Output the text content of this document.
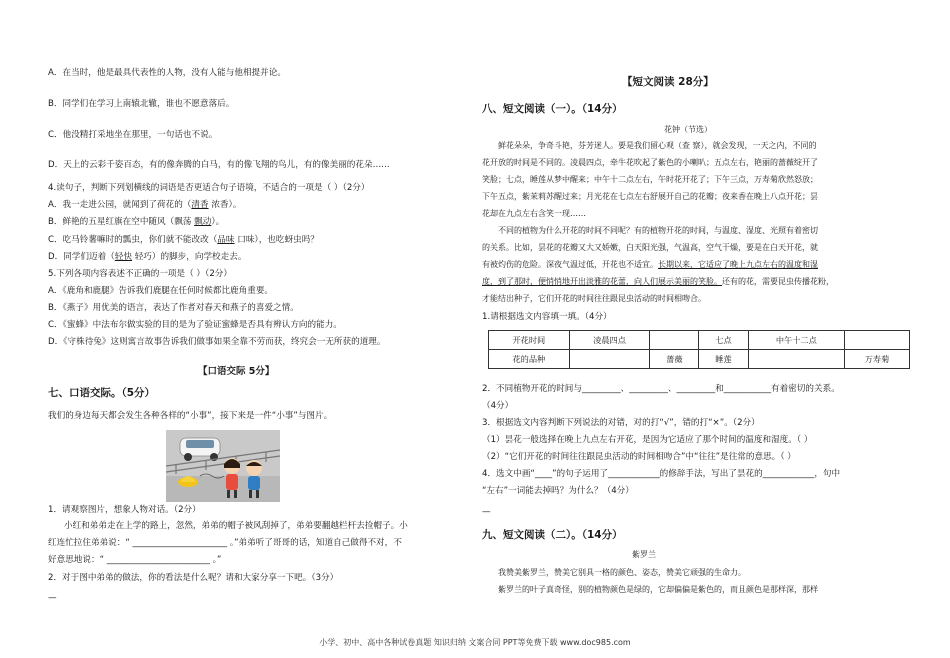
A．在当时，他是最具代表性的人物，没有人能与他相提并论。
B．同学们在学习上南辕北辙，谁也不愿意落后。
C．他没精打采地坐在那里，一句话也不说。
D．天上的云彩千姿百态，有的像奔腾的白马，有的像飞翔的鸟儿，有的像美丽的花朵……
4.读句子，判断下列划横线的词语是否更适合句子语境，不适合的一项是（ ）（2分）
A．我一走进公园，就闻到了荷花的（清香 浓香）。
B．鲜艳的五星红旗在空中随风（飘荡 飘动）。
C．吃马铃薯嘛时的瓢虫，你们就不能改改（品味 口味），也吃蚜虫吗？
D．同学们迈着（轻快 轻巧）的脚步，向学校走去。
5.下列各项内容表述不正确的一项是（ ）（2分）
A．《鹿角和鹿腿》告诉我们鹿腿在任何时候都比鹿角重要。
B．《燕子》用优美的语言，表达了作者对春天和燕子的喜爱之情。
C．《蜜蜂》中法布尔做实验的目的是为了验证蜜蜂是否具有辨认方向的能力。
D．《守株待兔》这则寓言故事告诉我们做事如果全靠不劳而获，终究会一无所获的道理。
【口语交际 5分】
七、口语交际。（5分）
我们的身边每天都会发生各种各样的“小事”，接下来是一件“小事”与图片。
1．请观察图片，想象人物对话。（2分）
小红和弟弟走在上学的路上，忽然，弟弟的帽子被风刮掉了，弟弟要翻越栏杆去捡帽子。小
红连忙拉住弟弟说：“ ______________________ 。”弟弟听了哥哥的话，知道自己做得不对，不
好意思地说：“ ________________________ 。”
2．对于图中弟弟的做法，你的看法是什么呢？请和大家分享一下吧。（3分）
—
【短文阅读 28分】
八、短文阅读（一）。（14分）
花钟（节选）
鲜花朵朵，争奇斗艳，芬芳迷人。要是我们留心观（查 察），就会发现，一天之内，不同的
花开放的时间是不同的。凌晨四点，牵牛花吹起了紫色的小喇叭；五点左右，艳丽的蔷薇绽开了
笑脸；七点，睡莲从梦中醒来；中午十二点左右，午时花开花了；下午三点，万寿菊欣然怒放；
下午五点，紫茉莉苏醒过来；月光花在七点左右舒展开自己的花瓣；夜来香在晚上八点开花；昙
花却在九点左右含笑一现……
不同的植物为什么开花的时间不同呢？有的植物开花的时间，与温度、湿度、光照有着密切
的关系。比如，昙花的花瓣又大又娇嫩，白天阳光强，气温高，空气干燥，要是在白天开花，就
有被灼伤的危险。深夜气温过低，开花也不适宜。长期以来，它适应了晚上九点左右的温度和湿
度，到了那时，便悄悄地开出淡雅的花蕾，向人们展示美丽的笑脸。还有的花，需要昆虫传播花粉，
才能结出种子，它们开花的时间往往跟昆虫活动的时间相吻合。
1.请根据选文内容填一填。（4分）
开花时间	凌晨四点		七点	中午十二点	
花的品种		蔷薇	睡莲		万寿菊
2．不同植物开花的时间与_________、_________、_________和___________有着密切的关系。
（4分）
3．根据选文内容判断下列说法的对错，对的打“√”，错的打“×”。（2分）
（1）昙花一般选择在晚上九点左右开花，是因为它适应了那个时间的温度和湿度。（ ）
（2）“它们开花的时间往往跟昆虫活动的时间相吻合”中“往往”是往常的意思。（ ）
4．选文中画“____”的句子运用了____________的修辞手法，写出了昙花的____________，句中
“左右”一词能去掉吗？为什么？（4分）
—
九、短文阅读（二）。（14分）
紫罗兰
我赞美紫罗兰，赞美它别具一格的颜色、姿态，赞美它顽强的生命力。
紫罗兰的叶子真奇怪，别的植物颜色是绿的，它却偏偏是紫色的，而且颜色是那样深，那样
小学、初中、高中各种试卷真题 知识归纳 文案合同 PPT等免费下载 www.doc985.com
